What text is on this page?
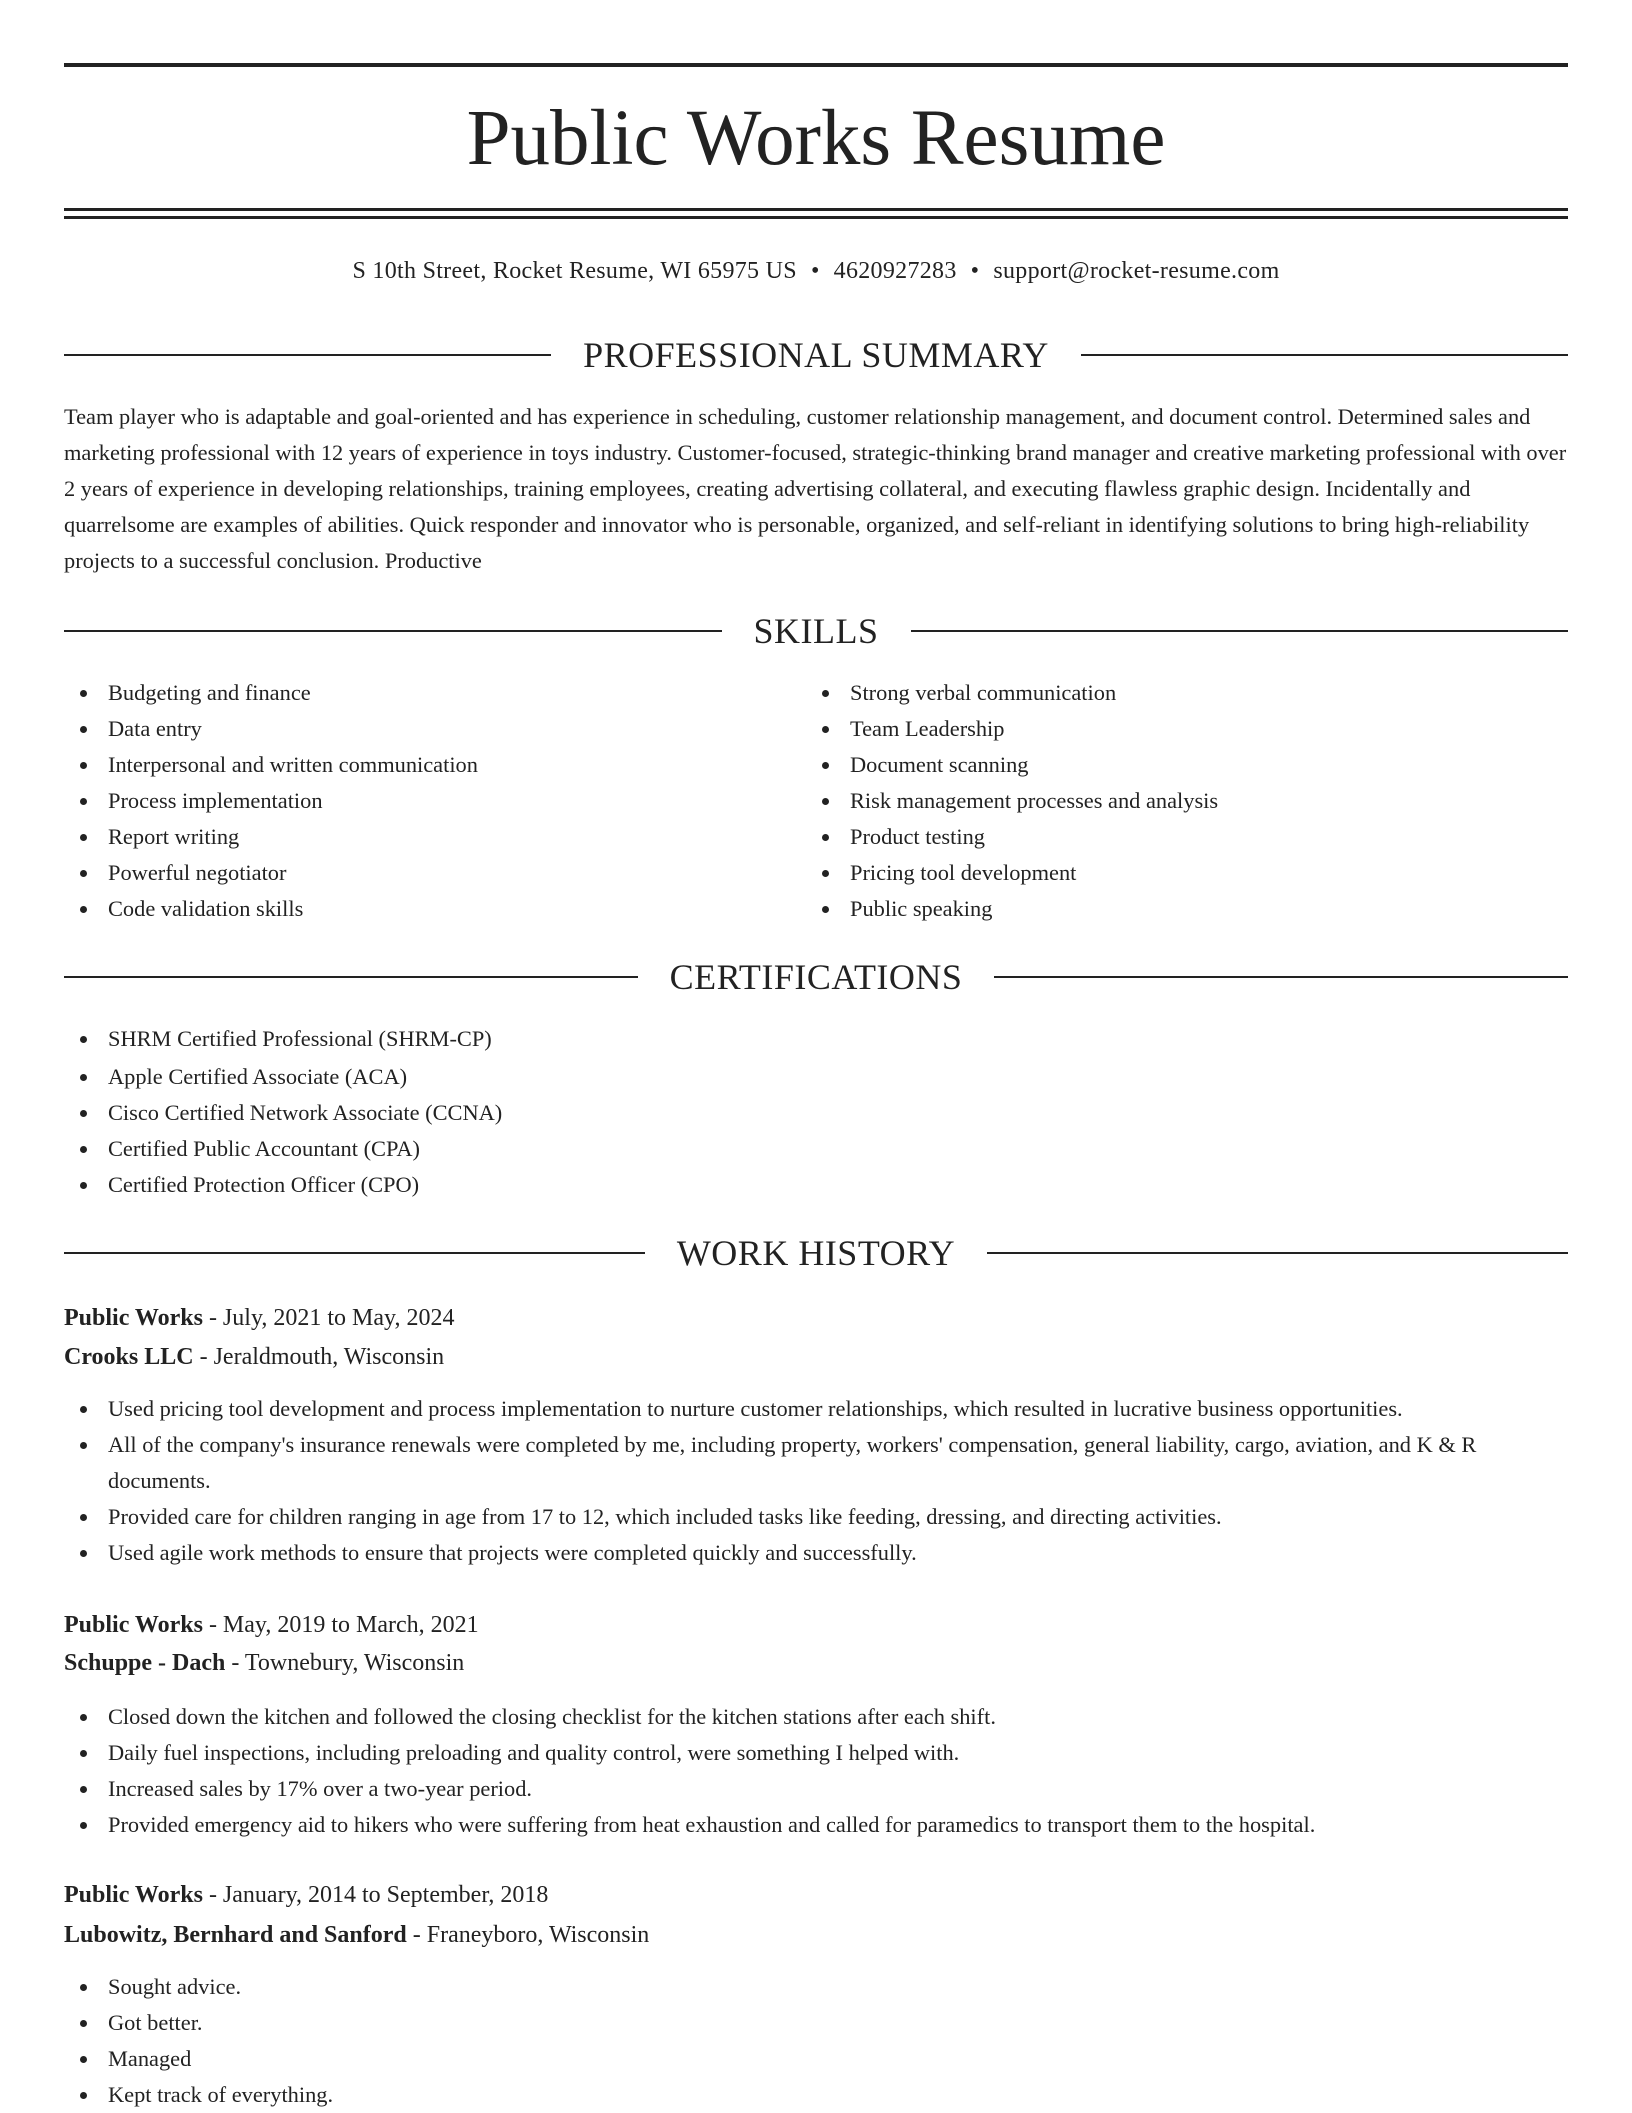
Public Works Resume
S 10th Street, Rocket Resume, WI 65975 US • 4620927283 • support@rocket-resume.com
PROFESSIONAL SUMMARY

Team player who is adaptable and goal-oriented and has experience in scheduling, customer relationship management, and document control. Determined sales and marketing professional with 12 years of experience in toys industry. Customer-focused, strategic-thinking brand manager and creative marketing professional with over 2 years of experience in developing relationships, training employees, creating advertising collateral, and executing flawless graphic design. Incidentally and quarrelsome are examples of abilities. Quick responder and innovator who is personable, organized, and self-reliant in identifying solutions to bring high-reliability projects to a successful conclusion. Productive

SKILLS
Budgeting and finance
Data entry
Interpersonal and written communication
Process implementation
Report writing
Powerful negotiator
Code validation skills
Strong verbal communication
Team Leadership
Document scanning
Risk management processes and analysis
Product testing
Pricing tool development
Public speaking
CERTIFICATIONS
SHRM Certified Professional (SHRM-CP)
Apple Certified Associate (ACA)
Cisco Certified Network Associate (CCNA)
Certified Public Accountant (CPA)
Certified Protection Officer (CPO)
WORK HISTORY
Public Works - July, 2021 to May, 2024
Crooks LLC - Jeraldmouth, Wisconsin
Used pricing tool development and process implementation to nurture customer relationships, which resulted in lucrative business opportunities.
All of the company's insurance renewals were completed by me, including property, workers' compensation, general liability, cargo, aviation, and K & R documents.
Provided care for children ranging in age from 17 to 12, which included tasks like feeding, dressing, and directing activities.
Used agile work methods to ensure that projects were completed quickly and successfully.
Public Works - May, 2019 to March, 2021
Schuppe - Dach - Townebury, Wisconsin
Closed down the kitchen and followed the closing checklist for the kitchen stations after each shift.
Daily fuel inspections, including preloading and quality control, were something I helped with.
Increased sales by 17% over a two-year period.
Provided emergency aid to hikers who were suffering from heat exhaustion and called for paramedics to transport them to the hospital.
Public Works - January, 2014 to September, 2018
Lubowitz, Bernhard and Sanford - Franeyboro, Wisconsin
Sought advice.
Got better.
Managed
Kept track of everything.
